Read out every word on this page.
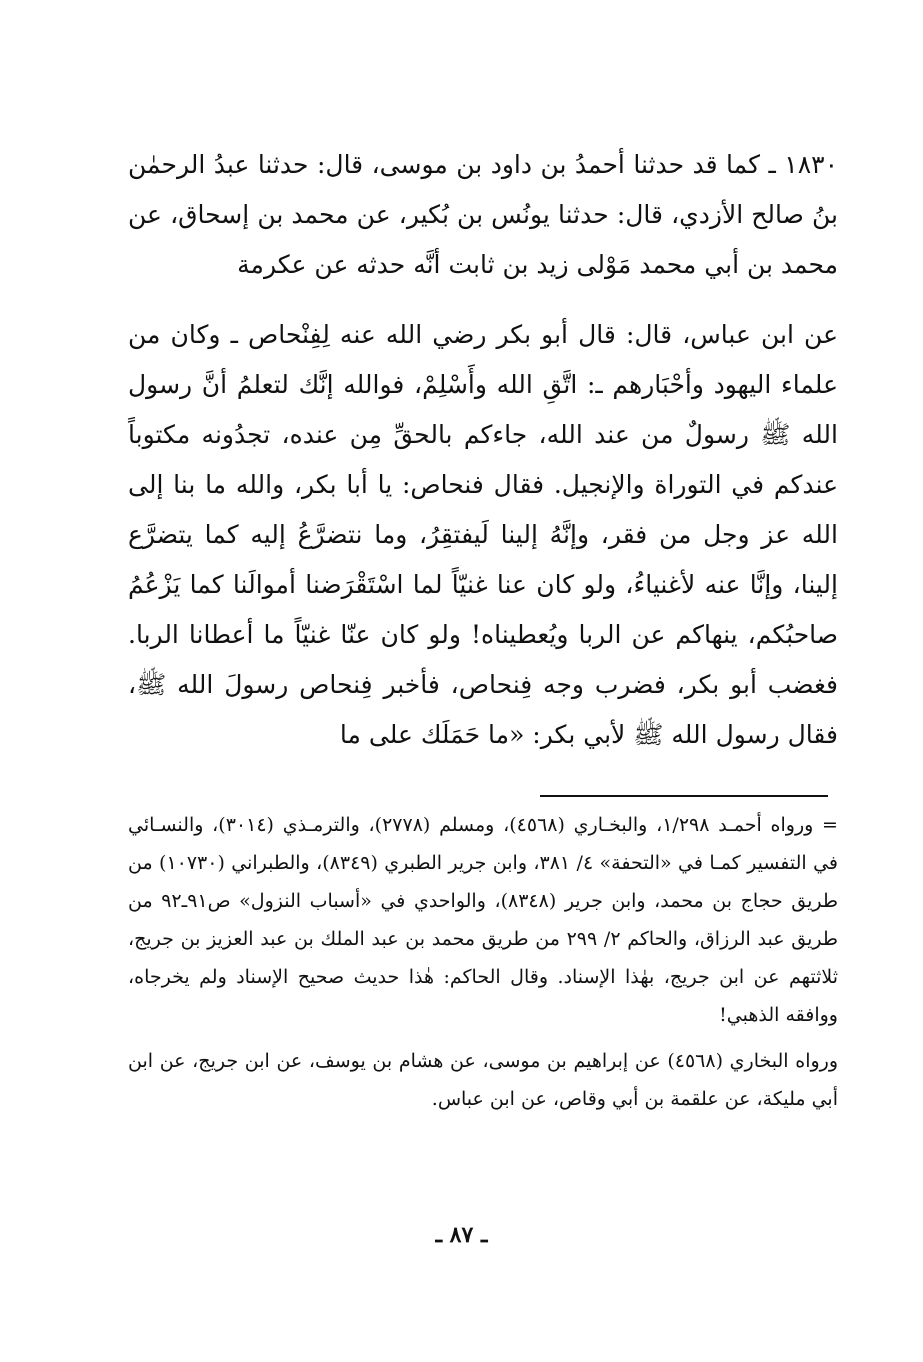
١٨٣٠ ـ كما قد حدثنا أحمدُ بن داود بن موسى، قال: حدثنا عبدُ الرحمٰن بنُ صالح الأزدي، قال: حدثنا يونُس بن بُكير، عن محمد بن إسحاق، عن محمد بن أبي محمد مَوْلى زيد بن ثابت أنَّه حدثه عن عكرمة

عن ابن عباس، قال: قال أبو بكر رضي الله عنه لِفِنْحاص ـ وكان من علماء اليهود وأحْبَارهم ـ: اتَّقِ الله وأَسْلِمْ، فوالله إنَّك لتعلمُ أنَّ رسول الله ﷺ رسولٌ من عند الله، جاءكم بالحقِّ مِن عنده، تجدُونه مكتوباً عندكم في التوراة والإنجيل. فقال فنحاص: يا أبا بكر، والله ما بنا إلى الله عز وجل من فقر، وإنَّهُ إلينا لَيفتقِرُ، وما نتضرَّعُ إليه كما يتضرَّع إلينا، وإنَّا عنه لأغنياءُ، ولو كان عنا غنيّاً لما اسْتَقْرَضنا أموالَنا كما يَزْعُمُ صاحبُكم، ينهاكم عن الربا ويُعطيناه! ولو كان عنّا غنيّاً ما أعطانا الربا. فغضب أبو بكر، فضرب وجه فِنحاص، فأخبر فِنحاص رسولَ الله ﷺ، فقال رسول الله ﷺ لأبي بكر: «ما حَمَلَك على ما

= ورواه أحمـد ١/٢٩٨، والبخـاري (٤٥٦٨)، ومسلم (٢٧٧٨)، والترمـذي (٣٠١٤)، والنسـائي في التفسير كمـا في «التحفة» ٤/ ٣٨١، وابن جرير الطبري (٨٣٤٩)، والطبراني (١٠٧٣٠) من طريق حجاج بن محمد، وابن جرير (٨٣٤٨)، والواحدي في «أسباب النزول» ص٩١ـ٩٢ من طريق عبد الرزاق، والحاكم ٢/ ٢٩٩ من طريق محمد بن عبد الملك بن عبد العزيز بن جريج، ثلاثتهم عن ابن جريج، بهٰذا الإسناد. وقال الحاكم: هٰذا حديث صحيح الإسناد ولم يخرجاه، ووافقه الذهبي!

ورواه البخاري (٤٥٦٨) عن إبراهيم بن موسى، عن هشام بن يوسف، عن ابن جريج، عن ابن أبي مليكة، عن علقمة بن أبي وقاص، عن ابن عباس.

ـ ٨٧ ـ
